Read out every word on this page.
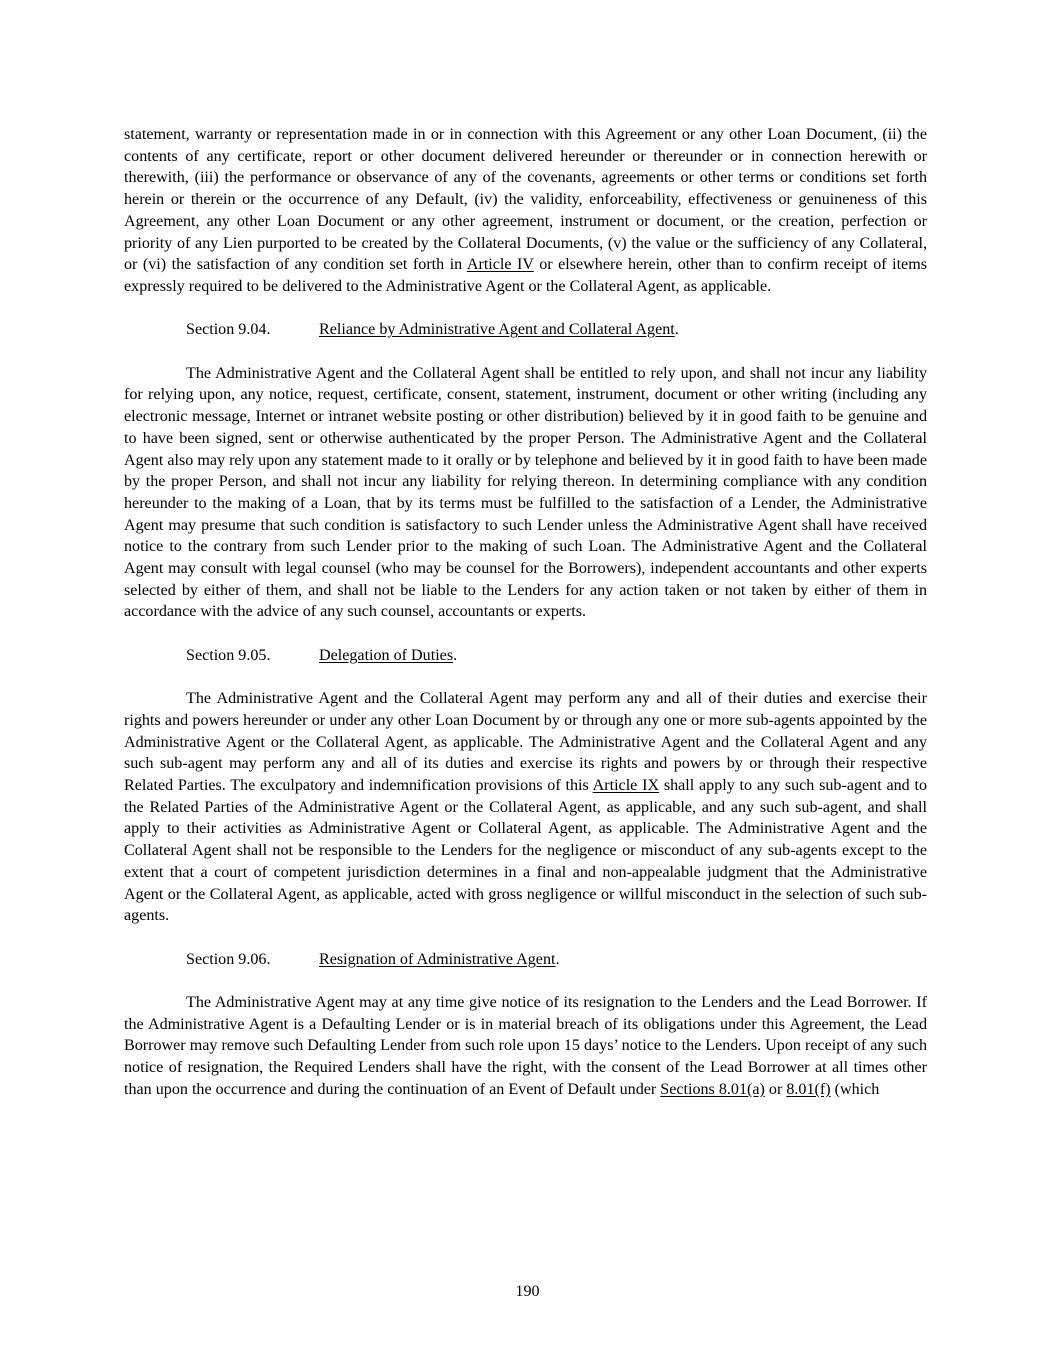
statement, warranty or representation made in or in connection with this Agreement or any other Loan Document, (ii) the contents of any certificate, report or other document delivered hereunder or thereunder or in connection herewith or therewith, (iii) the performance or observance of any of the covenants, agreements or other terms or conditions set forth herein or therein or the occurrence of any Default, (iv) the validity, enforceability, effectiveness or genuineness of this Agreement, any other Loan Document or any other agreement, instrument or document, or the creation, perfection or priority of any Lien purported to be created by the Collateral Documents, (v) the value or the sufficiency of any Collateral, or (vi) the satisfaction of any condition set forth in Article IV or elsewhere herein, other than to confirm receipt of items expressly required to be delivered to the Administrative Agent or the Collateral Agent, as applicable.

Section 9.04.	Reliance by Administrative Agent and Collateral Agent.

The Administrative Agent and the Collateral Agent shall be entitled to rely upon, and shall not incur any liability for relying upon, any notice, request, certificate, consent, statement, instrument, document or other writing (including any electronic message, Internet or intranet website posting or other distribution) believed by it in good faith to be genuine and to have been signed, sent or otherwise authenticated by the proper Person. The Administrative Agent and the Collateral Agent also may rely upon any statement made to it orally or by telephone and believed by it in good faith to have been made by the proper Person, and shall not incur any liability for relying thereon. In determining compliance with any condition hereunder to the making of a Loan, that by its terms must be fulfilled to the satisfaction of a Lender, the Administrative Agent may presume that such condition is satisfactory to such Lender unless the Administrative Agent shall have received notice to the contrary from such Lender prior to the making of such Loan. The Administrative Agent and the Collateral Agent may consult with legal counsel (who may be counsel for the Borrowers), independent accountants and other experts selected by either of them, and shall not be liable to the Lenders for any action taken or not taken by either of them in accordance with the advice of any such counsel, accountants or experts.

Section 9.05.	Delegation of Duties.

The Administrative Agent and the Collateral Agent may perform any and all of their duties and exercise their rights and powers hereunder or under any other Loan Document by or through any one or more sub-agents appointed by the Administrative Agent or the Collateral Agent, as applicable. The Administrative Agent and the Collateral Agent and any such sub-agent may perform any and all of its duties and exercise its rights and powers by or through their respective Related Parties. The exculpatory and indemnification provisions of this Article IX shall apply to any such sub-agent and to the Related Parties of the Administrative Agent or the Collateral Agent, as applicable, and any such sub-agent, and shall apply to their activities as Administrative Agent or Collateral Agent, as applicable. The Administrative Agent and the Collateral Agent shall not be responsible to the Lenders for the negligence or misconduct of any sub-agents except to the extent that a court of competent jurisdiction determines in a final and non-appealable judgment that the Administrative Agent or the Collateral Agent, as applicable, acted with gross negligence or willful misconduct in the selection of such sub-agents.

Section 9.06.	Resignation of Administrative Agent.

The Administrative Agent may at any time give notice of its resignation to the Lenders and the Lead Borrower. If the Administrative Agent is a Defaulting Lender or is in material breach of its obligations under this Agreement, the Lead Borrower may remove such Defaulting Lender from such role upon 15 days’ notice to the Lenders. Upon receipt of any such notice of resignation, the Required Lenders shall have the right, with the consent of the Lead Borrower at all times other than upon the occurrence and during the continuation of an Event of Default under Sections 8.01(a) or 8.01(f) (which

190
